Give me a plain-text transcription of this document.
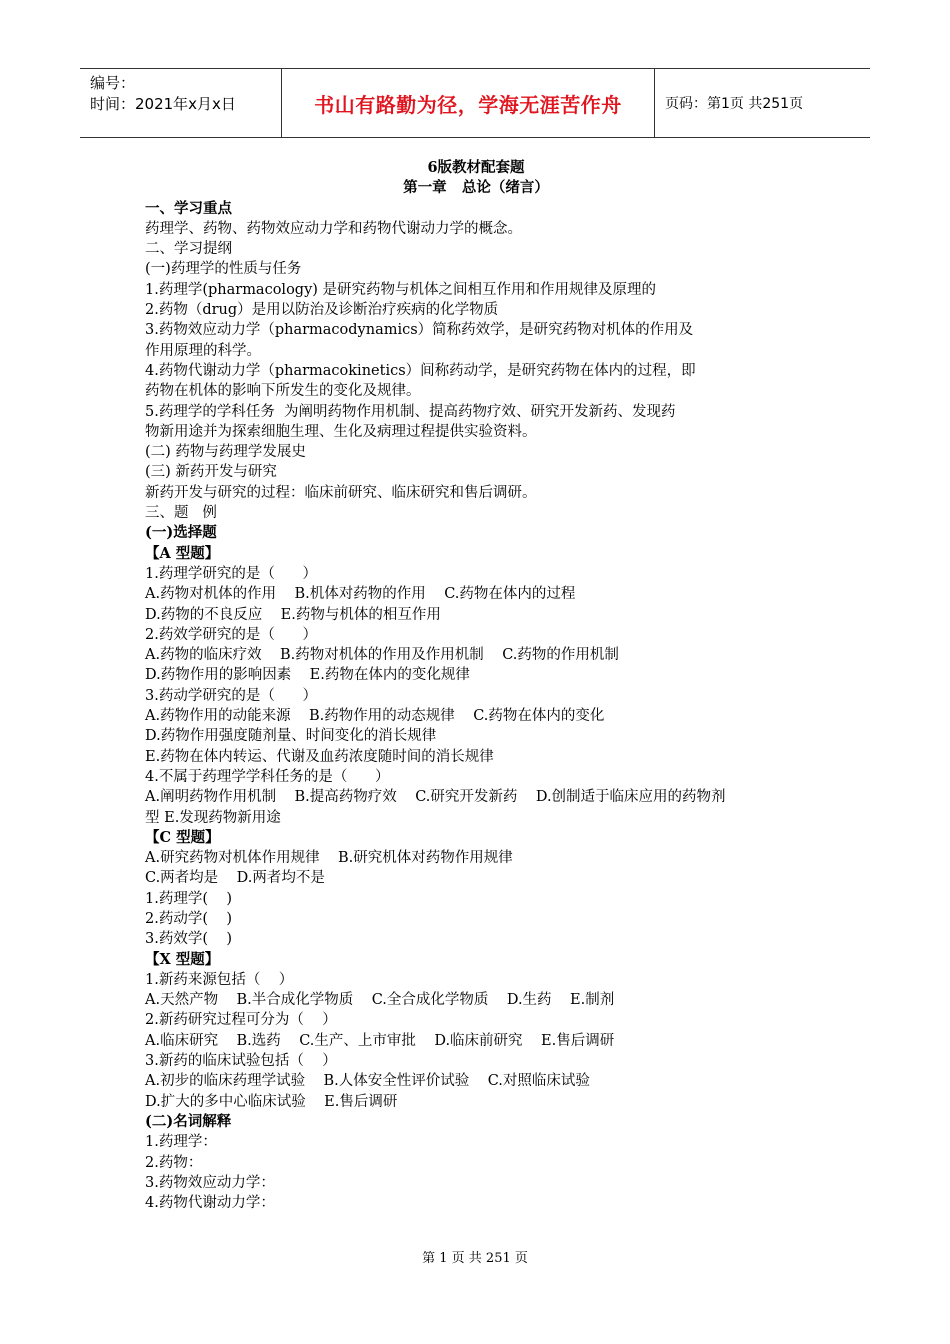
编号：
时间：2021年x月x日	书山有路勤为径，学海无涯苦作舟	页码：第1页 共251页
6版教材配套题
第一章   总论（绪言）
一、学习重点
药理学、药物、药物效应动力学和药物代谢动力学的概念。
二、学习提纲
(一)药理学的性质与任务
1.药理学(pharmacology) 是研究药物与机体之间相互作用和作用规律及原理的
2.药物（drug）是用以防治及诊断治疗疾病的化学物质
3.药物效应动力学（pharmacodynamics）简称药效学，是研究药物对机体的作用及
作用原理的科学。
4.药物代谢动力学（pharmacokinetics）间称药动学，是研究药物在体内的过程，即
药物在机体的影响下所发生的变化及规律。
5.药理学的学科任务  为阐明药物作用机制、提高药物疗效、研究开发新药、发现药
物新用途并为探索细胞生理、生化及病理过程提供实验资料。
(二) 药物与药理学发展史
(三) 新药开发与研究
新药开发与研究的过程：临床前研究、临床研究和售后调研。
三、题   例
(一)选择题
【A 型题】
1.药理学研究的是（      ）
A.药物对机体的作用    B.机体对药物的作用    C.药物在体内的过程
D.药物的不良反应    E.药物与机体的相互作用
2.药效学研究的是（      ）
A.药物的临床疗效    B.药物对机体的作用及作用机制    C.药物的作用机制
D.药物作用的影响因素    E.药物在体内的变化规律
3.药动学研究的是（      ）
A.药物作用的动能来源    B.药物作用的动态规律    C.药物在体内的变化
D.药物作用强度随剂量、时间变化的消长规律
E.药物在体内转运、代谢及血药浓度随时间的消长规律
4.不属于药理学学科任务的是（      ）
A.阐明药物作用机制    B.提高药物疗效    C.研究开发新药    D.创制适于临床应用的药物剂
型 E.发现药物新用途
【C 型题】
A.研究药物对机体作用规律    B.研究机体对药物作用规律
C.两者均是    D.两者均不是
1.药理学(    )
2.药动学(    )
3.药效学(    )
【X 型题】
1.新药来源包括（    ）
A.天然产物    B.半合成化学物质    C.全合成化学物质    D.生药    E.制剂
2.新药研究过程可分为（    ）
A.临床研究    B.选药    C.生产、上市审批    D.临床前研究    E.售后调研
3.新药的临床试验包括（    ）
A.初步的临床药理学试验    B.人体安全性评价试验    C.对照临床试验
D.扩大的多中心临床试验    E.售后调研
(二)名词解释
1.药理学：
2.药物：
3.药物效应动力学：
4.药物代谢动力学：
第 1 页 共 251 页
